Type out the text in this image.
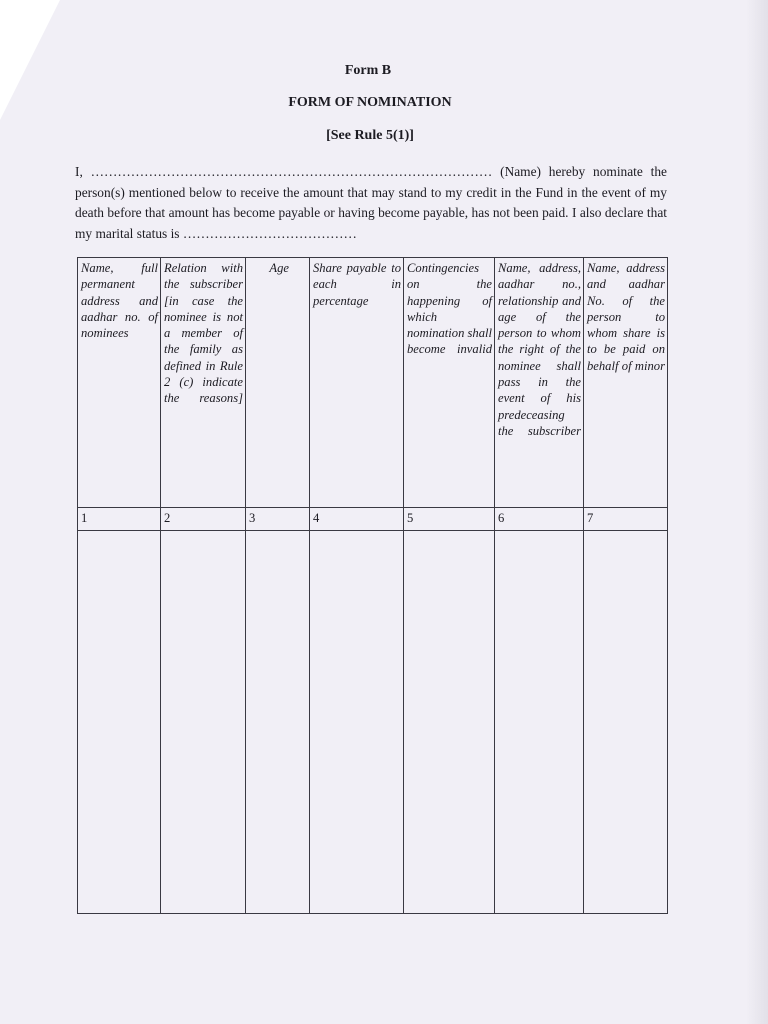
Form B
FORM OF NOMINATION
[See Rule 5(1)]
I, ……………………………………………………………………………… (Name) hereby nominate the person(s) mentioned below to receive the amount that may stand to my credit in the Fund in the event of my death before that amount has become payable or having become payable, has not been paid. I also declare that my marital status is …………………………………
Name, full permanent address and aadhar no. of nominees	Relation with the subscriber [in case the nominee is not a member of the family as defined in Rule 2 (c) indicate the reasons]	Age	Share payable to each in percentage	Contingencies on the happening of which nomination shall become invalid	Name, address, aadhar no., relationship and age of the person to whom the right of the nominee shall pass in the event of his predeceasing the subscriber	Name, address and aadhar No. of the person to whom share is to be paid on behalf of minor

1	2	3	4	5	6	7
